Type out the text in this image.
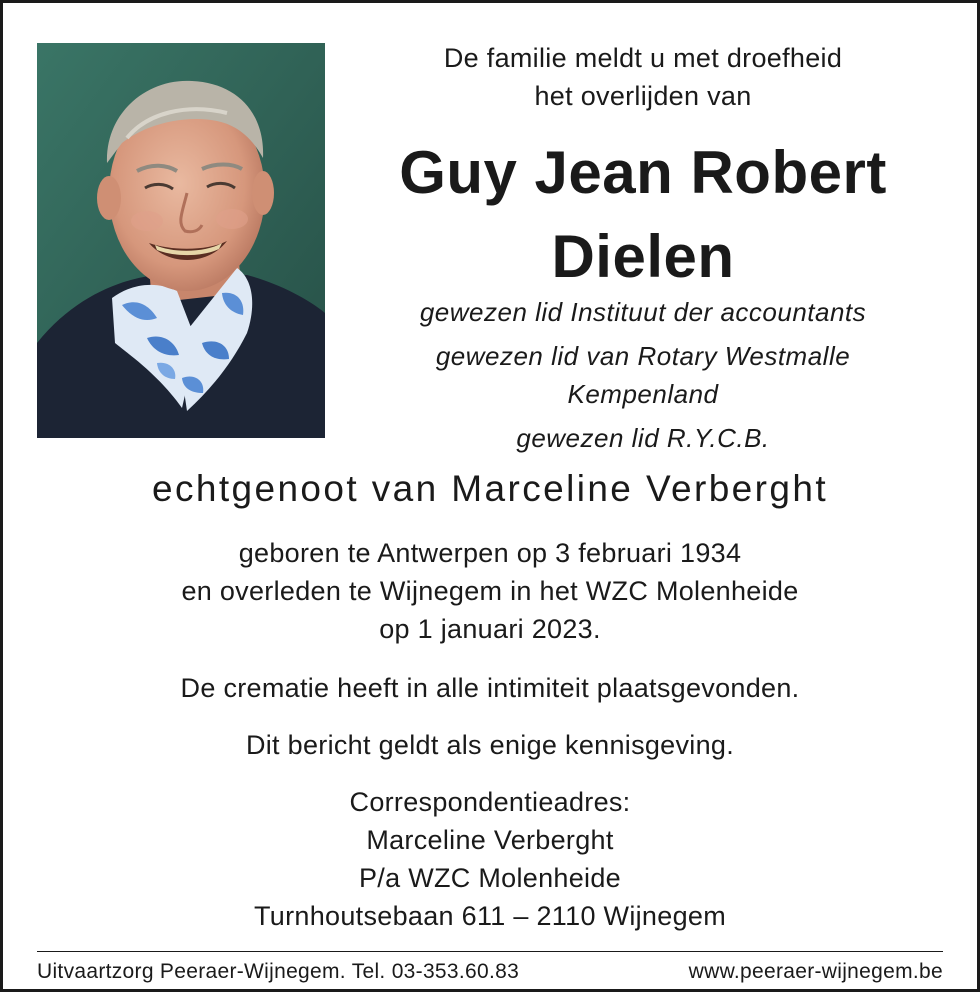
De familie meldt u met droefheid
het overlijden van
Guy Jean Robert
Dielen
gewezen lid Instituut der accountants
gewezen lid van Rotary Westmalle
Kempenland
gewezen lid R.Y.C.B.
echtgenoot van Marceline Verberght
geboren te Antwerpen op 3 februari 1934
en overleden te Wijnegem in het WZC Molenheide
op 1 januari 2023.
De crematie heeft in alle intimiteit plaatsgevonden.
Dit bericht geldt als enige kennisgeving.
Correspondentieadres:
Marceline Verberght
P/a WZC Molenheide
Turnhoutsebaan 611 – 2110 Wijnegem
Uitvaartzorg Peeraer-Wijnegem. Tel. 03-353.60.83	www.peeraer-wijnegem.be
